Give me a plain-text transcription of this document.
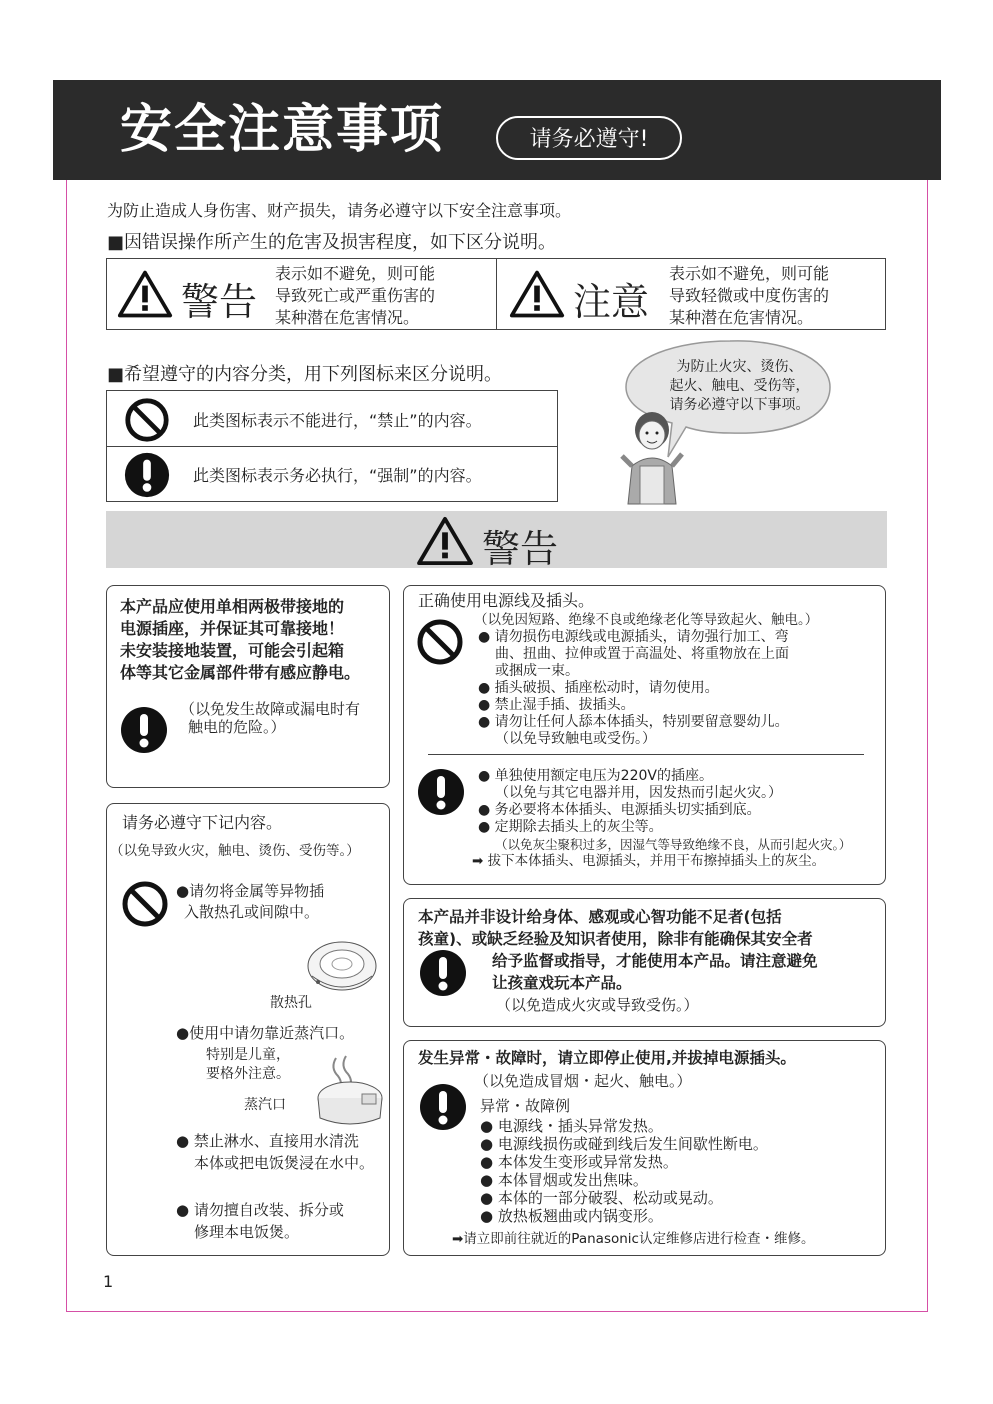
安全注意事项	请务必遵守!
为防止造成人身伤害、财产损失，请务必遵守以下安全注意事项。
■因错误操作所产生的危害及损害程度，如下区分说明。
警告
表示如不避免，则可能
导致死亡或严重伤害的
某种潜在危害情况。	注意
表示如不避免，则可能
导致轻微或中度伤害的
某种潜在危害情况。
■希望遵守的内容分类，用下列图标来区分说明。
此类图标表示不能进行，“禁止”的内容。
此类图标表示务必执行，“强制”的内容。
为防止火灾、烫伤、
起火、触电、受伤等，
请务必遵守以下事项。
警告
本产品应使用单相两极带接地的
电源插座，并保证其可靠接地！
未安装接地装置，可能会引起箱
体等其它金属部件带有感应静电。
（以免发生故障或漏电时有
触电的危险。）
请务必遵守下记内容。
（以免导致火灾，触电、烫伤、受伤等。）
●请勿将金属等异物插
入散热孔或间隙中。
散热孔
●使用中请勿靠近蒸汽口。
特别是儿童，
要格外注意。
蒸汽口
● 禁止淋水、直接用水清洗
本体或把电饭煲浸在水中。
● 请勿擅自改装、拆分或
修理本电饭煲。
正确使用电源线及插头。
（以免因短路、绝缘不良或绝缘老化等导致起火、触电。）
● 请勿损伤电源线或电源插头，请勿强行加工、弯
曲、扭曲、拉伸或置于高温处、将重物放在上面
或捆成一束。
● 插头破损、插座松动时，请勿使用。
● 禁止湿手插、拔插头。
● 请勿让任何人舔本体插头，特别要留意婴幼儿。
（以免导致触电或受伤。）
● 单独使用额定电压为220V的插座。
（以免与其它电器并用，因发热而引起火灾。）
● 务必要将本体插头、电源插头切实插到底。
● 定期除去插头上的灰尘等。
（以免灰尘聚积过多，因湿气等导致绝缘不良，从而引起火灾。）
➡ 拔下本体插头、电源插头，并用干布擦掉插头上的灰尘。
本产品并非设计给身体、感观或心智功能不足者(包括
孩童)、或缺乏经验及知识者使用，除非有能确保其安全者
给予监督或指导，才能使用本产品。请注意避免
让孩童戏玩本产品。
（以免造成火灾或导致受伤。）
发生异常・故障时，请立即停止使用,并拔掉电源插头。
（以免造成冒烟・起火、触电。）
异常・故障例
● 电源线・插头异常发热。
● 电源线损伤或碰到线后发生间歇性断电。
● 本体发生变形或异常发热。
● 本体冒烟或发出焦味。
● 本体的一部分破裂、松动或晃动。
● 放热板翘曲或内锅变形。
➡请立即前往就近的Panasonic认定维修店进行检查・维修。
1
